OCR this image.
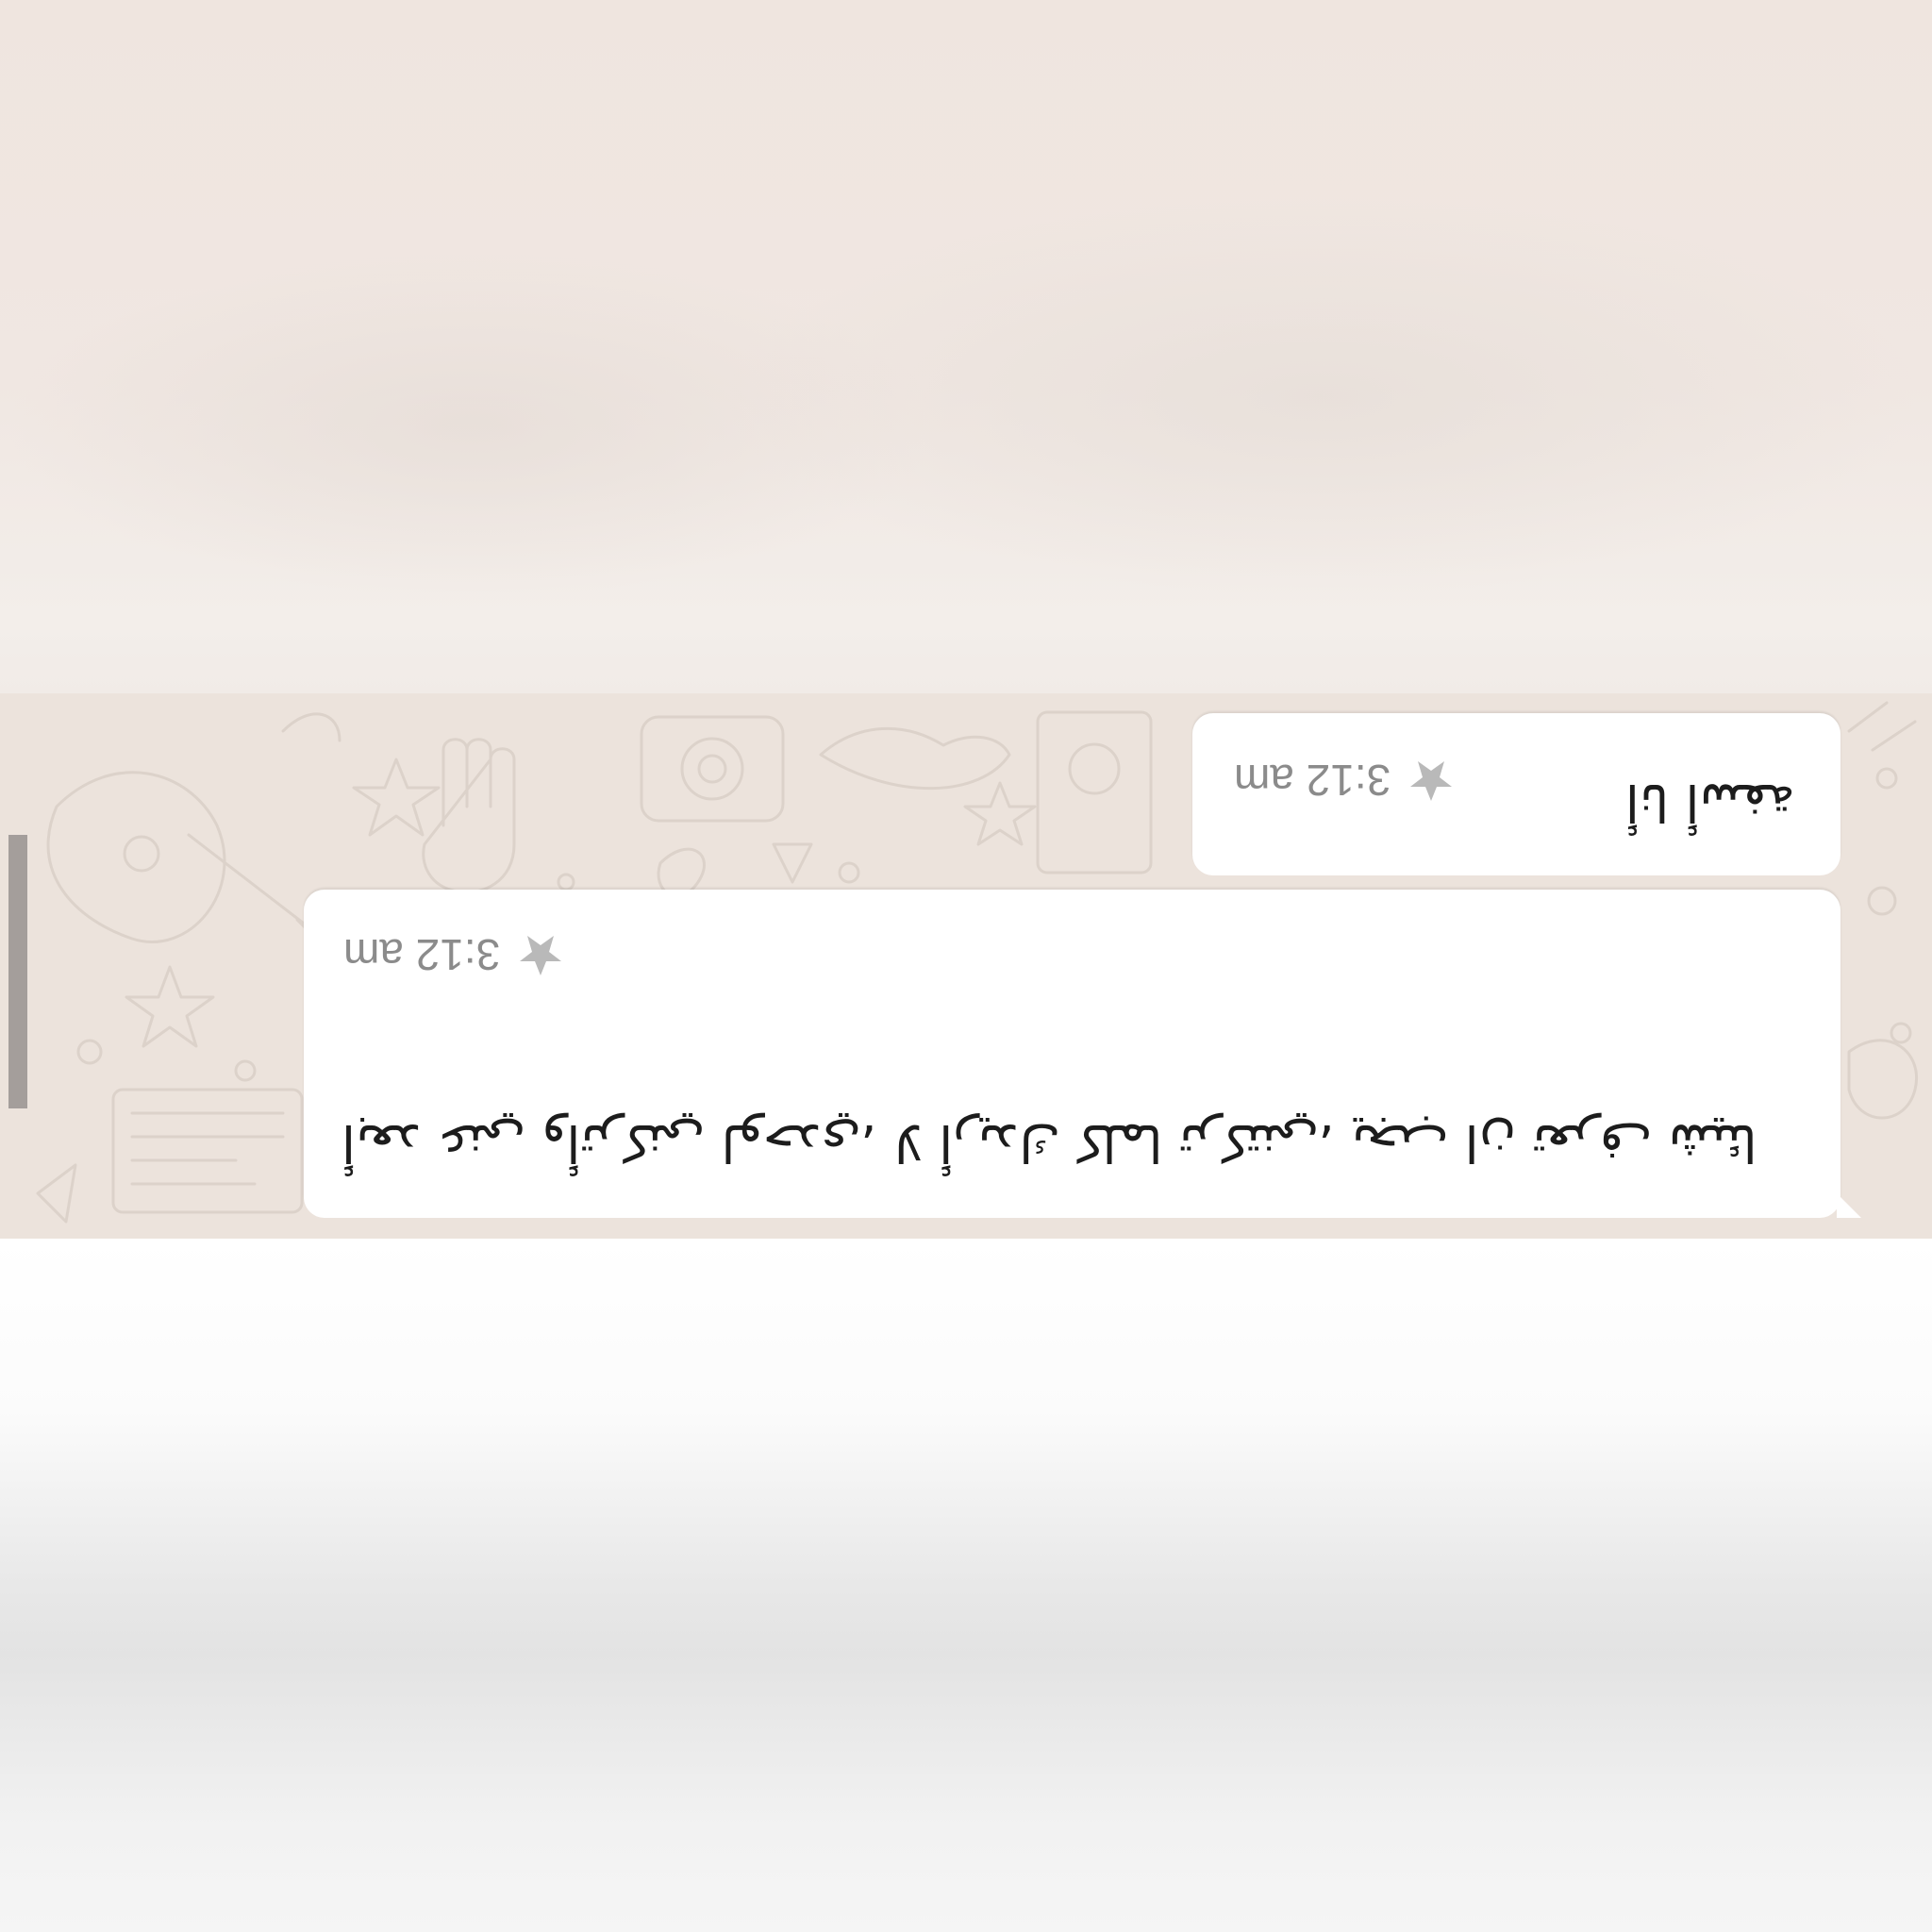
3:12 am	أنا أسفة
3:12 am
أبعد عني وأتركني لوحدي، لا أريدك كلما تركتني، يجب ان تعرف شيئا
